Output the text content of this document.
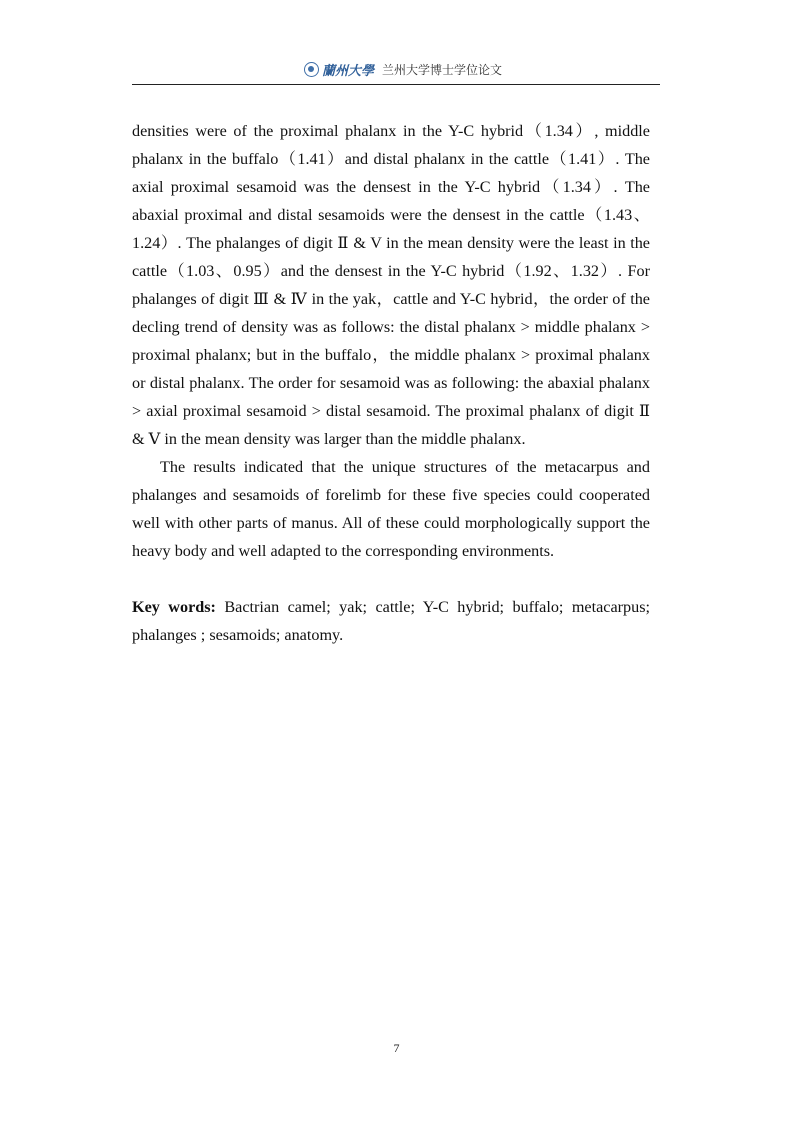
蘭州大學 兰州大学博士学位论文

densities were of the proximal phalanx in the Y-C hybrid（1.34）, middle phalanx in the buffalo（1.41）and distal phalanx in the cattle（1.41）. The axial proximal sesamoid was the densest in the Y-C hybrid（1.34）. The abaxial proximal and distal sesamoids were the densest in the cattle（1.43、1.24）. The phalanges of digit Ⅱ & V in the mean density were the least in the cattle（1.03、0.95）and the densest in the Y-C hybrid（1.92、1.32）. For phalanges of digit Ⅲ & Ⅳ in the yak，cattle and Y-C hybrid，the order of the decling trend of density was as follows: the distal phalanx > middle phalanx > proximal phalanx; but in the buffalo，the middle phalanx > proximal phalanx or distal phalanx. The order for sesamoid was as following: the abaxial phalanx > axial proximal sesamoid > distal sesamoid. The proximal phalanx of digit Ⅱ & Ⅴ in the mean density was larger than the middle phalanx.

The results indicated that the unique structures of the metacarpus and phalanges and sesamoids of forelimb for these five species could cooperated well with other parts of manus. All of these could morphologically support the heavy body and well adapted to the corresponding environments.

Key words: Bactrian camel; yak; cattle; Y-C hybrid; buffalo; metacarpus; phalanges ; sesamoids; anatomy.

7
